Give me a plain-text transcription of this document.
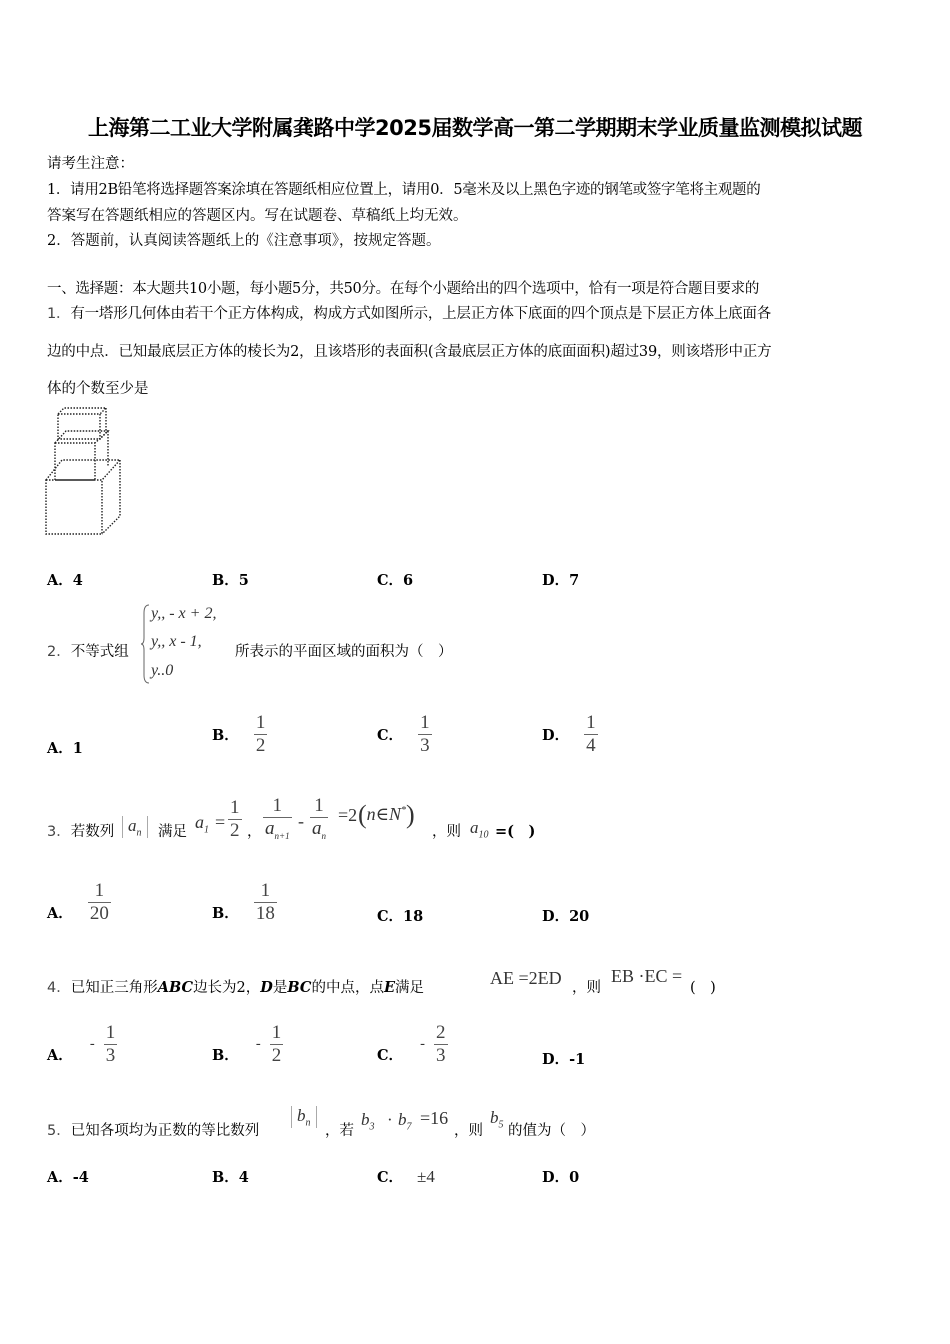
上海第二工业大学附属龚路中学2025届数学高一第二学期期末学业质量监测模拟试题
请考生注意：
1．请用2B铅笔将选择题答案涂填在答题纸相应位置上，请用0．5毫米及以上黑色字迹的钢笔或签字笔将主观题的
答案写在答题纸相应的答题区内。写在试题卷、草稿纸上均无效。
2．答题前，认真阅读答题纸上的《注意事项》，按规定答题。
一、选择题：本大题共10小题，每小题5分，共50分。在每个小题给出的四个选项中，恰有一项是符合题目要求的
1．有一塔形几何体由若干个正方体构成，构成方式如图所示，上层正方体下底面的四个顶点是下层正方体上底面各
边的中点．已知最底层正方体的棱长为2，且该塔形的表面积(含最底层正方体的底面面积)超过39，则该塔形中正方
体的个数至少是
A．4	B．5	C．6	D．7
2．不等式组
y,, - x + 2,
y,, x - 1,
y..0
所表示的平面区域的面积为（　）
A．1
B． $\frac{1}{2}$	C． $\frac{1}{3}$	D． $\frac{1}{4}$
3．若数列 $a_n$	满足 $a_1 = \frac{1}{2}$ ， $\frac{1}{a_{n+1}} - \frac{1}{a_n} =2$ (n∈N*)
，则 $a_{10}$ =(　)
A． $\frac{1}{20}$	B． $\frac{1}{18}$	C．18	D．20
4．已知正三角形ABC边长为2，D是BC的中点，点E满足	AE =2ED ，则
EB ·EC =
(　)
A． - $\frac{1}{3}$	B． - $\frac{1}{2}$	C． - $\frac{2}{3}$	D．-1
5．已知各项均为正数的等比数列
$b_n$
，若
$b_3 \cdot b_7 =16$
，则
$b_5$ 的值为（　）
A．-4	B．4	C． ±4	D．0
